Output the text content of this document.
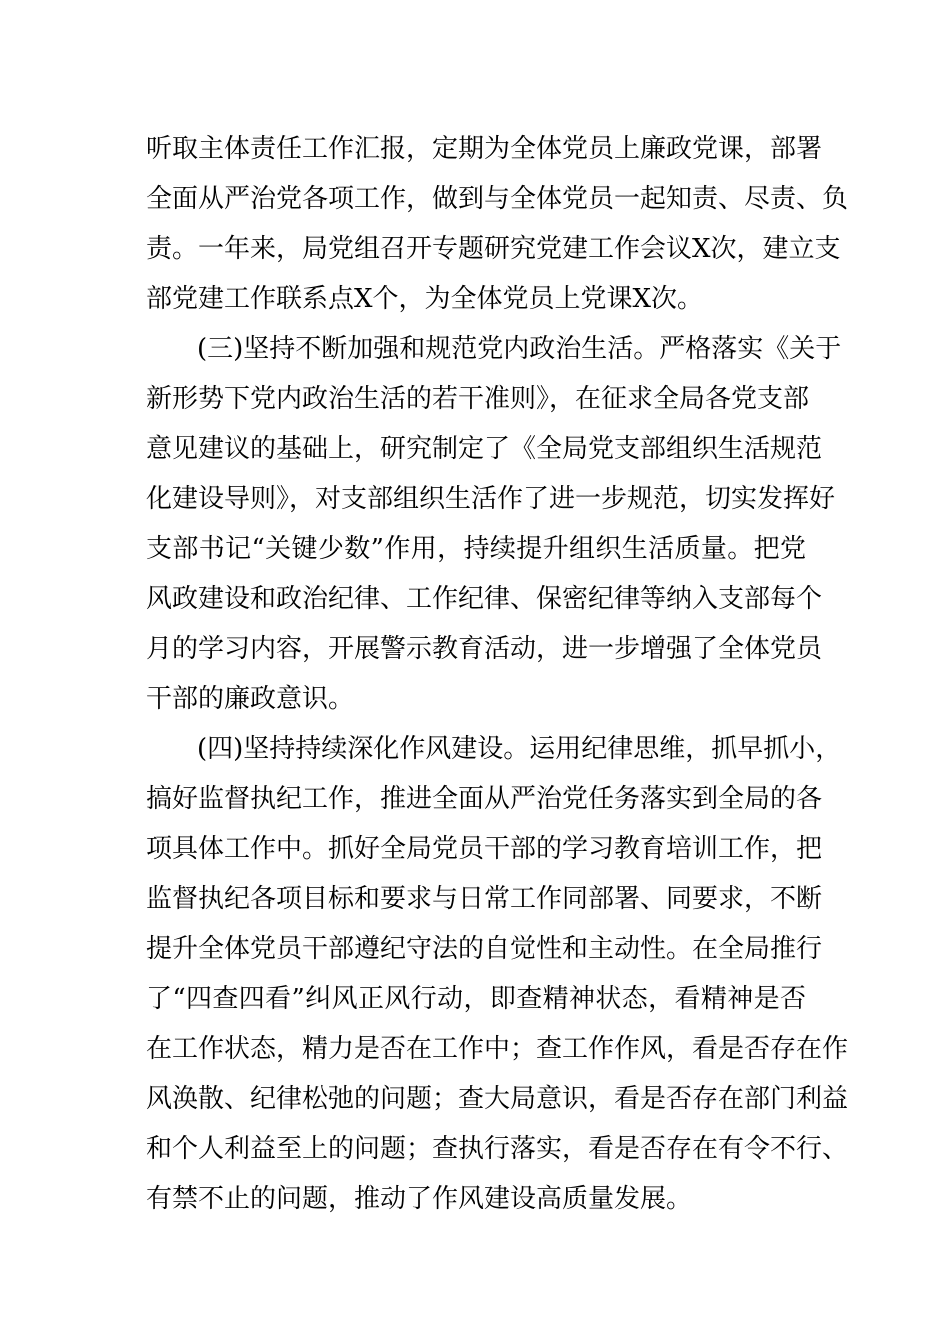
听取主体责任工作汇报，定期为全体党员上廉政党课，部署
全面从严治党各项工作，做到与全体党员一起知责、尽责、负
责。一年来，局党组召开专题研究党建工作会议X次，建立支
部党建工作联系点X个，为全体党员上党课X次。
(三)坚持不断加强和规范党内政治生活。严格落实《关于
新形势下党内政治生活的若干准则》，在征求全局各党支部
意见建议的基础上，研究制定了《全局党支部组织生活规范
化建设导则》，对支部组织生活作了进一步规范，切实发挥好
支部书记“关键少数”作用，持续提升组织生活质量。把党
风政建设和政治纪律、工作纪律、保密纪律等纳入支部每个
月的学习内容，开展警示教育活动，进一步增强了全体党员
干部的廉政意识。
(四)坚持持续深化作风建设。运用纪律思维，抓早抓小，
搞好监督执纪工作，推进全面从严治党任务落实到全局的各
项具体工作中。抓好全局党员干部的学习教育培训工作，把
监督执纪各项目标和要求与日常工作同部署、同要求，不断
提升全体党员干部遵纪守法的自觉性和主动性。在全局推行
了“四查四看”纠风正风行动，即查精神状态，看精神是否
在工作状态，精力是否在工作中；查工作作风，看是否存在作
风涣散、纪律松弛的问题；查大局意识，看是否存在部门利益
和个人利益至上的问题；查执行落实，看是否存在有令不行、
有禁不止的问题，推动了作风建设高质量发展。
